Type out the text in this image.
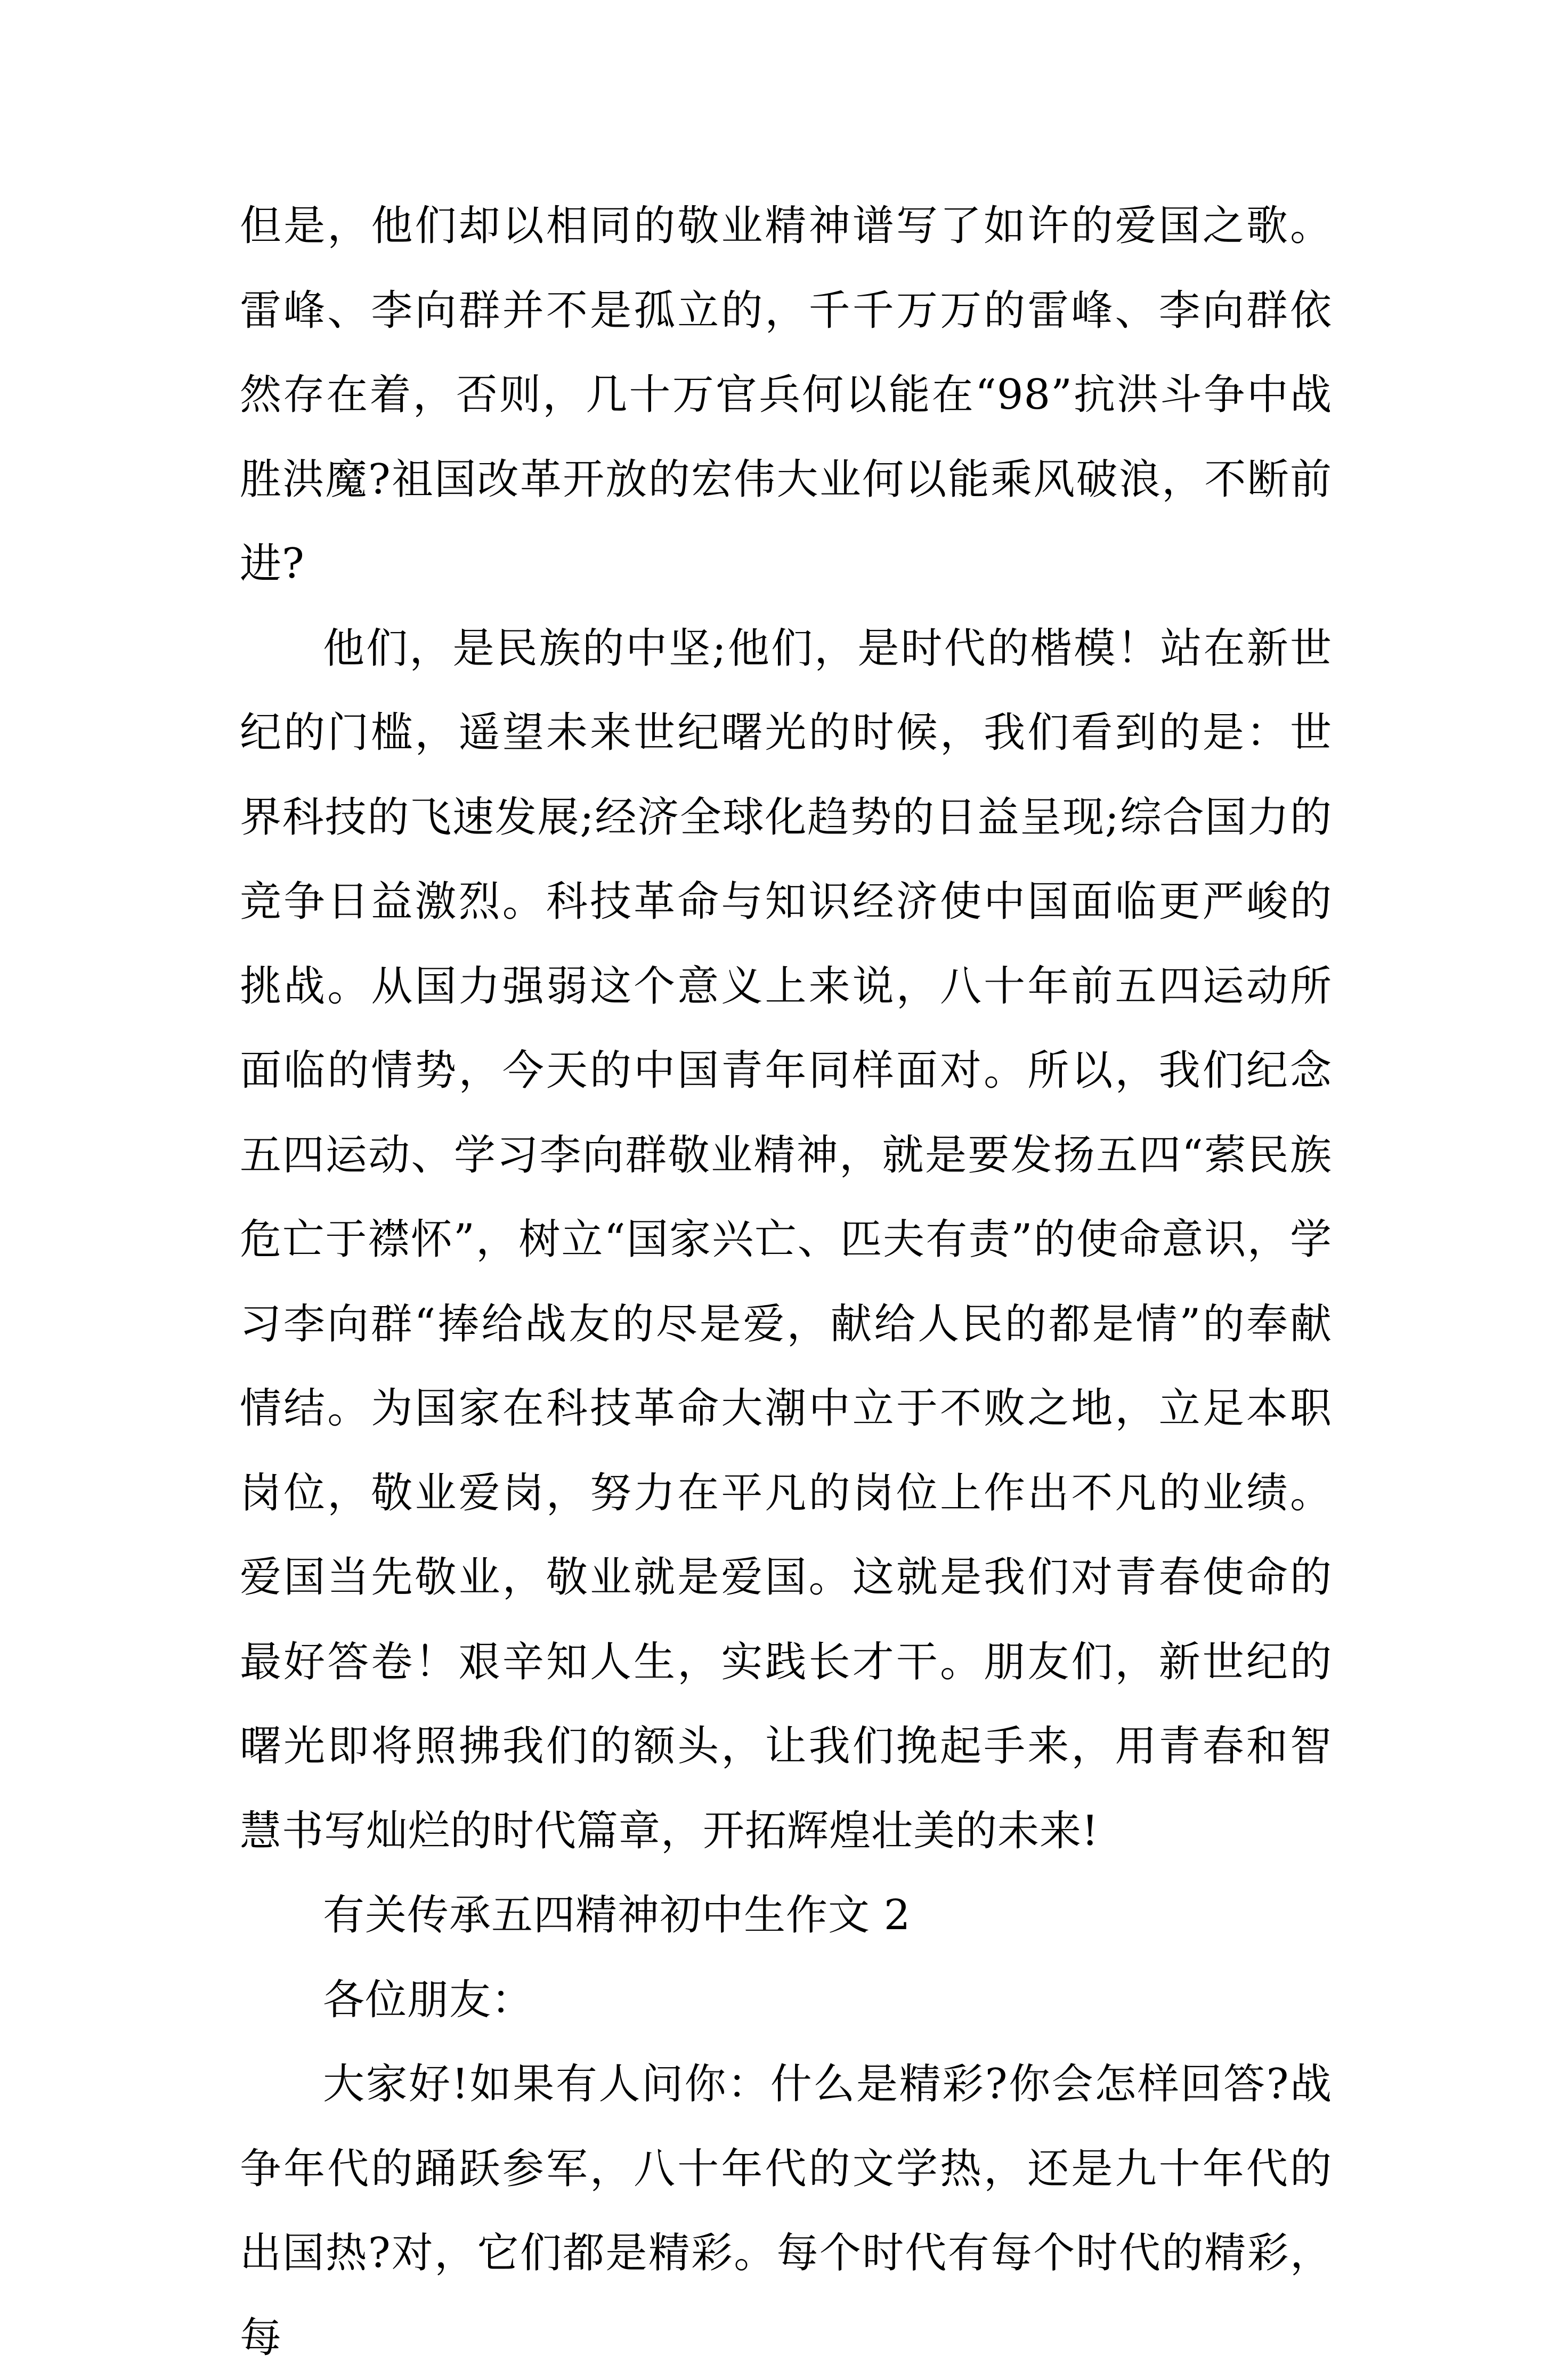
但是，他们却以相同的敬业精神谱写了如许的爱国之歌。雷峰、李向群并不是孤立的，千千万万的雷峰、李向群依然存在着，否则，几十万官兵何以能在“98”抗洪斗争中战胜洪魔?祖国改革开放的宏伟大业何以能乘风破浪，不断前进?

他们，是民族的中坚;他们，是时代的楷模！站在新世纪的门槛，遥望未来世纪曙光的时候，我们看到的是：世界科技的飞速发展;经济全球化趋势的日益呈现;综合国力的竞争日益激烈。科技革命与知识经济使中国面临更严峻的挑战。从国力强弱这个意义上来说，八十年前五四运动所面临的情势，今天的中国青年同样面对。所以，我们纪念五四运动、学习李向群敬业精神，就是要发扬五四“萦民族危亡于襟怀”，树立“国家兴亡、匹夫有责”的使命意识，学习李向群“捧给战友的尽是爱，献给人民的都是情”的奉献情结。为国家在科技革命大潮中立于不败之地，立足本职岗位，敬业爱岗，努力在平凡的岗位上作出不凡的业绩。爱国当先敬业，敬业就是爱国。这就是我们对青春使命的最好答卷！艰辛知人生，实践长才干。朋友们，新世纪的曙光即将照拂我们的额头，让我们挽起手来，用青春和智慧书写灿烂的时代篇章，开拓辉煌壮美的未来!

有关传承五四精神初中生作文 2

各位朋友：

大家好!如果有人问你：什么是精彩?你会怎样回答?战争年代的踊跃参军，八十年代的文学热，还是九十年代的出国热?对，它们都是精彩。每个时代有每个时代的精彩，每
